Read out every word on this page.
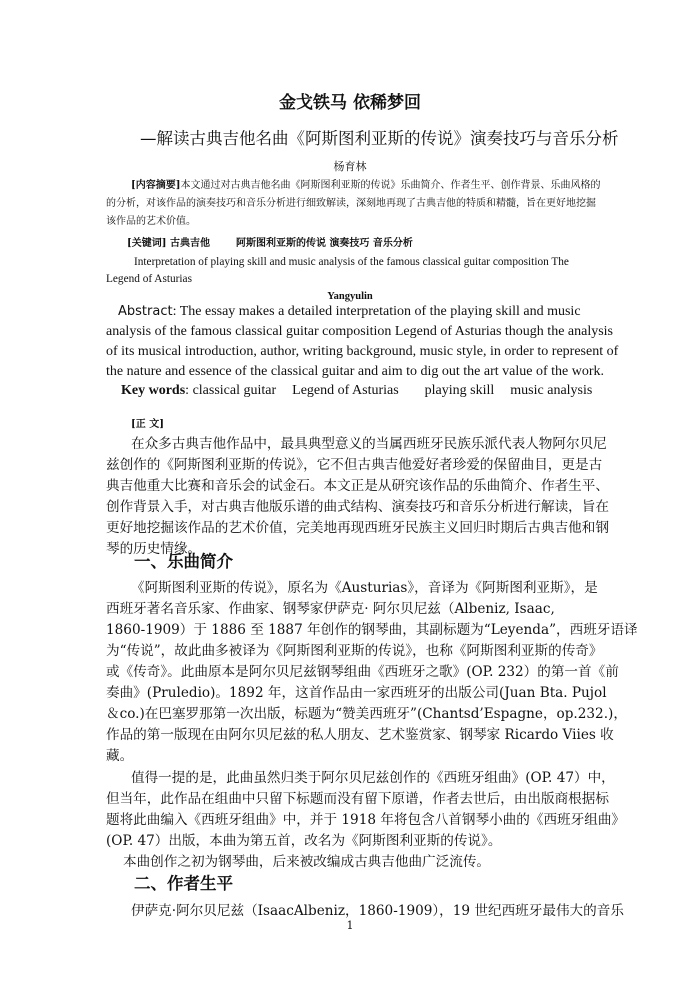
金戈铁马 依稀梦回
—解读古典吉他名曲《阿斯图利亚斯的传说》演奏技巧与音乐分析

杨育林

[内容摘要]本文通过对古典吉他名曲《阿斯图利亚斯的传说》乐曲简介、作者生平、创作背景、乐曲风格的

的分析，对该作品的演奏技巧和音乐分析进行细致解读，深刻地再现了古典吉他的特质和精髓，旨在更好地挖掘

该作品的艺术价值。

[关键词] 古典吉他	阿斯图利亚斯的传说 演奏技巧 音乐分析

Interpretation of playing skill and music analysis of the famous classical guitar composition The

Legend of Asturias

Yangyulin

Abstract: The essay makes a detailed interpretation of the playing skill and music

analysis of the famous classical guitar composition Legend of Asturias though the analysis

of its musical introduction, author, writing background, music style, in order to represent of

the nature and essence of the classical guitar and aim to dig out the art value of the work.

Key words: classical guitar Legend of Asturias playing skill music analysis

[正 文]

在众多古典吉他作品中，最具典型意义的当属西班牙民族乐派代表人物阿尔贝尼

兹创作的《阿斯图利亚斯的传说》，它不但古典吉他爱好者珍爱的保留曲目，更是古

典吉他重大比赛和音乐会的试金石。本文正是从研究该作品的乐曲简介、作者生平、

创作背景入手，对古典吉他版乐谱的曲式结构、演奏技巧和音乐分析进行解读，旨在

更好地挖掘该作品的艺术价值，完美地再现西班牙民族主义回归时期后古典吉他和钢

琴的历史情缘。

一、乐曲简介

《阿斯图利亚斯的传说》，原名为《Austurias》，音译为《阿斯图利亚斯》，是

西班牙著名音乐家、作曲家、钢琴家伊萨克· 阿尔贝尼兹（Albeniz, Isaac,

1860-1909）于 1886 至 1887 年创作的钢琴曲，其副标题为“Leyenda”，西班牙语译

为“传说”，故此曲多被译为《阿斯图利亚斯的传说》，也称《阿斯图利亚斯的传奇》

或《传奇》。此曲原本是阿尔贝尼兹钢琴组曲《西班牙之歌》(OP. 232）的第一首《前

奏曲》(Pruledio)。1892 年，这首作品由一家西班牙的出版公司(Juan Bta. Pujol

＆co.)在巴塞罗那第一次出版，标题为“赞美西班牙”(Chantsd’Espagne，op.232.)，

作品的第一版现在由阿尔贝尼兹的私人朋友、艺术鉴赏家、钢琴家 Ricardo Viies 收

藏。

值得一提的是，此曲虽然归类于阿尔贝尼兹创作的《西班牙组曲》(OP. 47）中，

但当年，此作品在组曲中只留下标题而没有留下原谱，作者去世后，由出版商根据标

题将此曲编入《西班牙组曲》中，并于 1918 年将包含八首钢琴小曲的《西班牙组曲》

(OP. 47）出版，本曲为第五首，改名为《阿斯图利亚斯的传说》。

本曲创作之初为钢琴曲，后来被改编成古典吉他曲广泛流传。

二、作者生平

伊萨克·阿尔贝尼兹（IsaacAlbeniz，1860-1909），19 世纪西班牙最伟大的音乐

1
